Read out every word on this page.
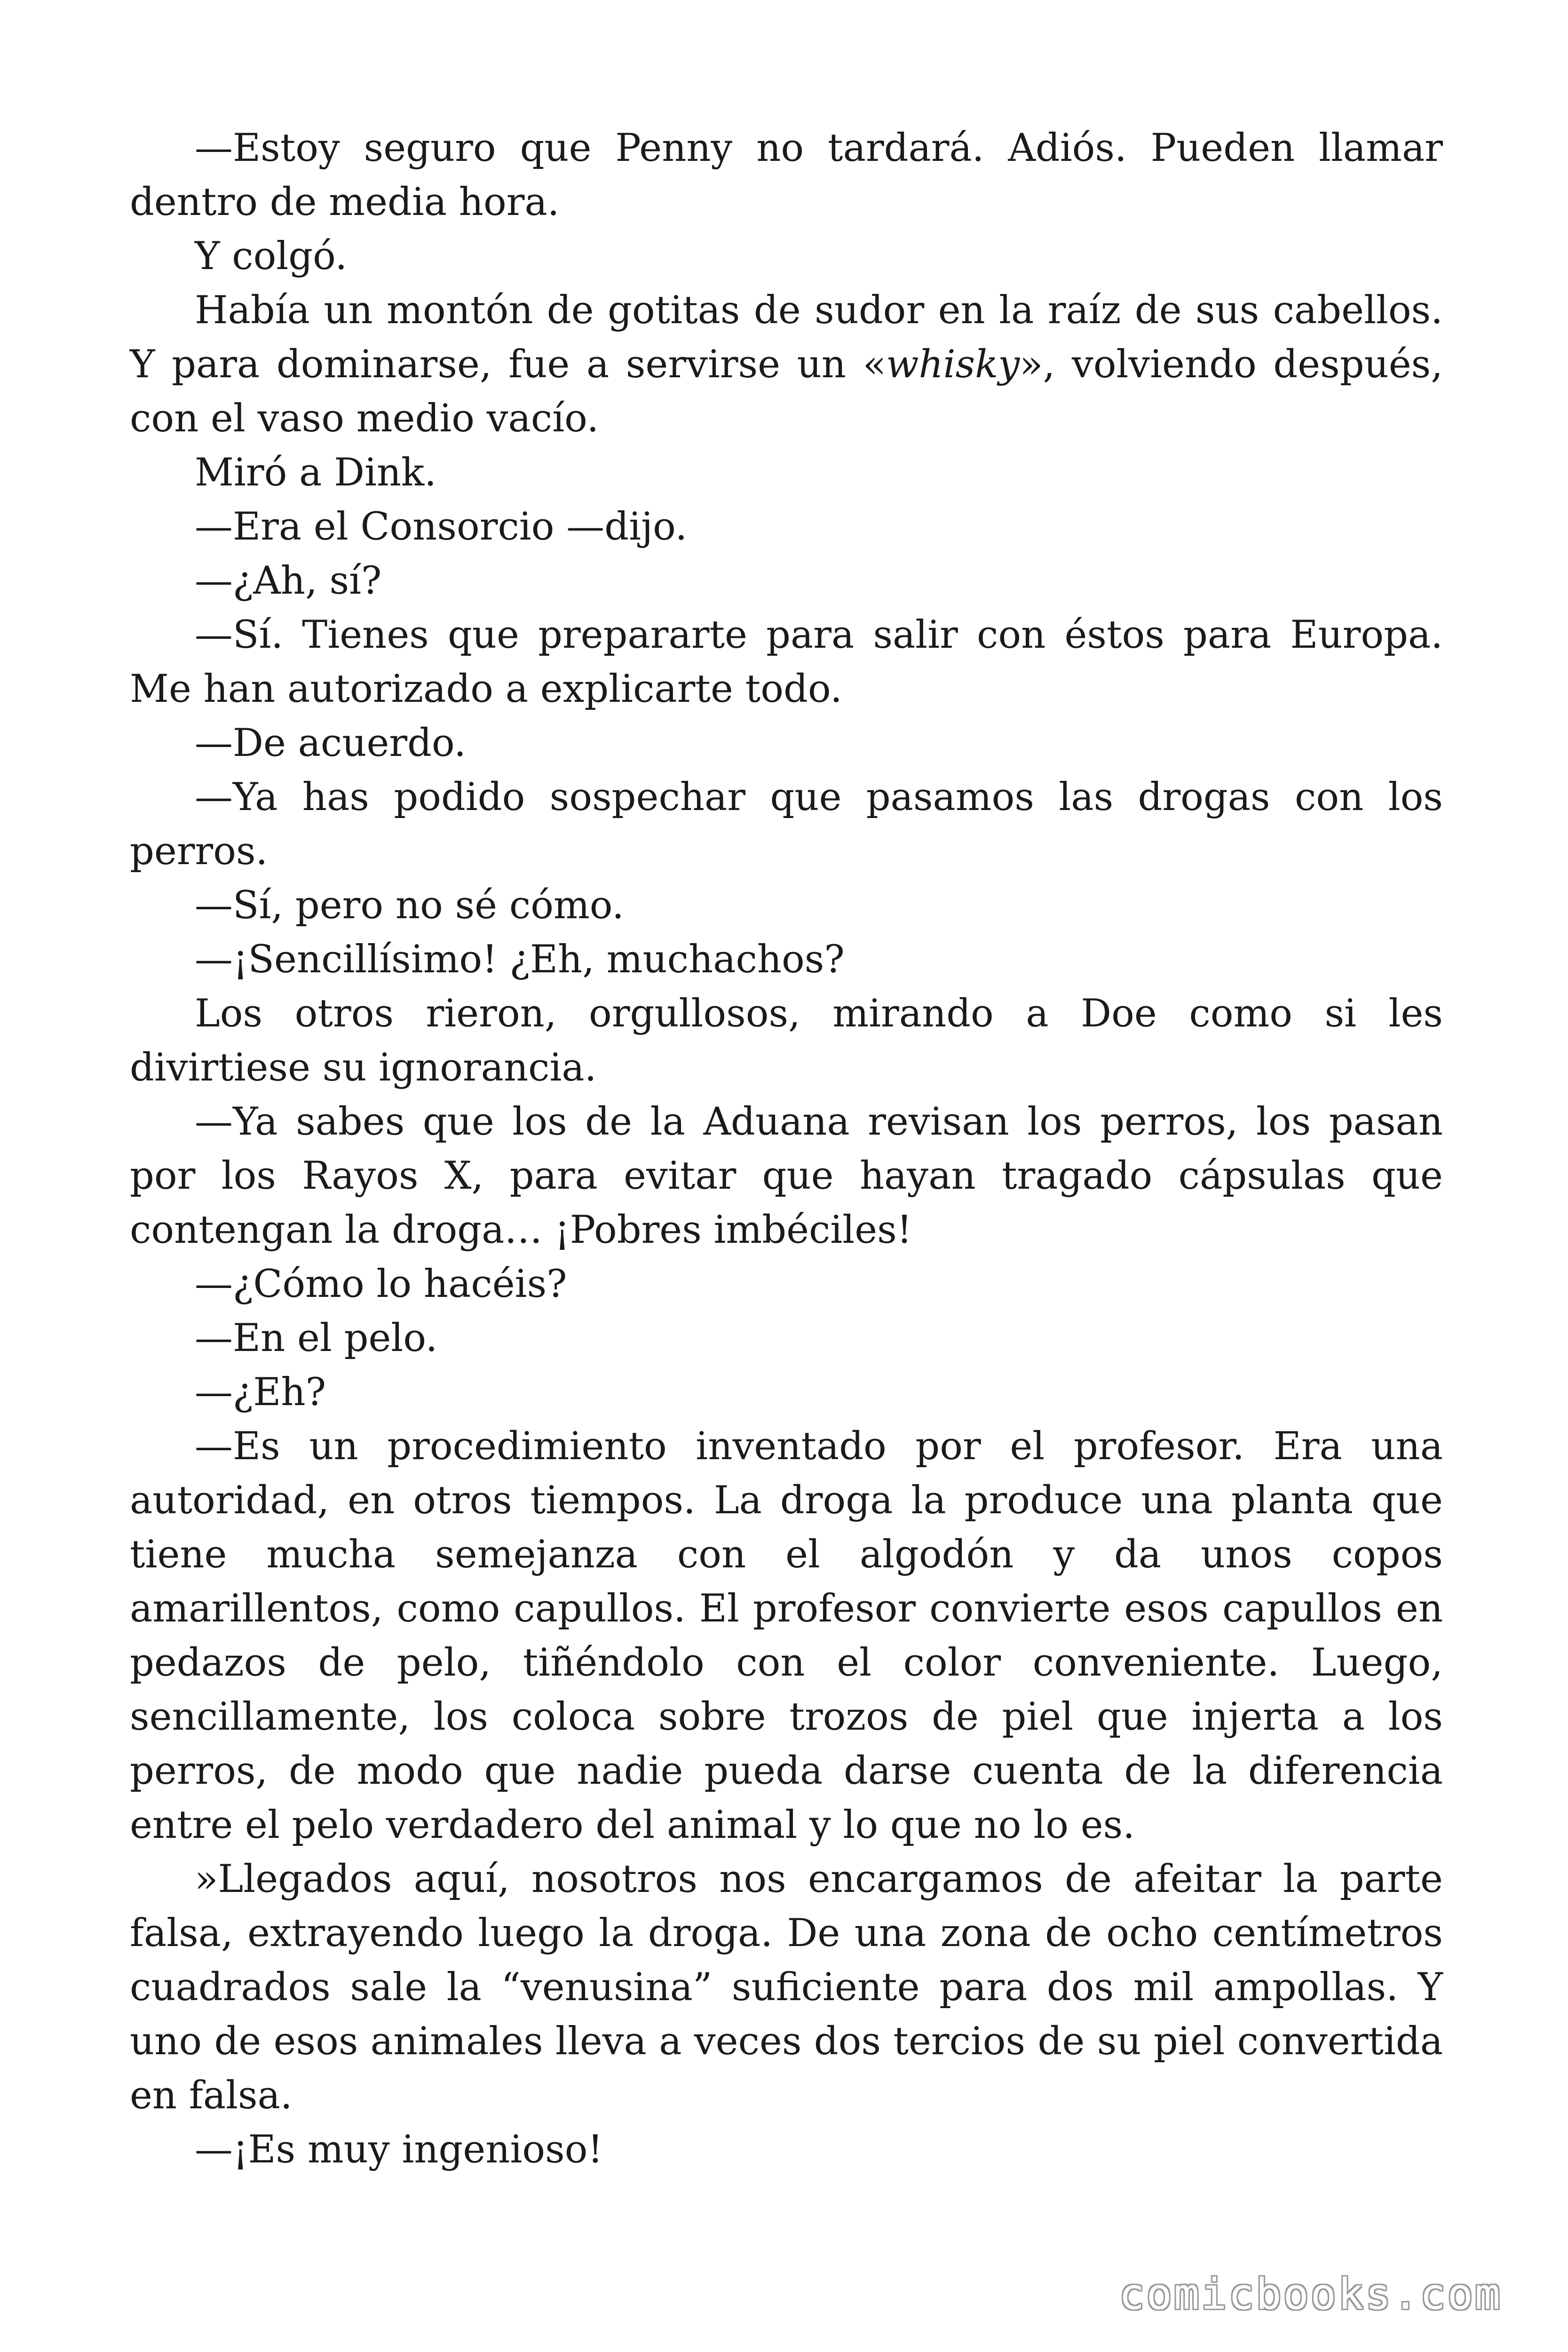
—Estoy seguro que Penny no tardará. Adiós. Pueden llamar dentro de media hora.

Y colgó.

Había un montón de gotitas de sudor en la raíz de sus cabellos. Y para dominarse, fue a servirse un «whisky», volviendo después, con el vaso medio vacío.

Miró a Dink.

—Era el Consorcio —dijo.

—¿Ah, sí?

—Sí. Tienes que prepararte para salir con éstos para Europa. Me han autorizado a explicarte todo.

—De acuerdo.

—Ya has podido sospechar que pasamos las drogas con los perros.

—Sí, pero no sé cómo.

—¡Sencillísimo! ¿Eh, muchachos?

Los otros rieron, orgullosos, mirando a Doe como si les divirtiese su ignorancia.

—Ya sabes que los de la Aduana revisan los perros, los pasan por los Rayos X, para evitar que hayan tragado cápsulas que contengan la droga… ¡Pobres imbéciles!

—¿Cómo lo hacéis?

—En el pelo.

—¿Eh?

—Es un procedimiento inventado por el profesor. Era una autoridad, en otros tiempos. La droga la produce una planta que tiene mucha semejanza con el algodón y da unos copos amarillentos, como capullos. El profesor convierte esos capullos en pedazos de pelo, tiñéndolo con el color conveniente. Luego, sencillamente, los coloca sobre trozos de piel que injerta a los perros, de modo que nadie pueda darse cuenta de la diferencia entre el pelo verdadero del animal y lo que no lo es.

»Llegados aquí, nosotros nos encargamos de afeitar la parte falsa, extrayendo luego la droga. De una zona de ocho centímetros cuadrados sale la “venusina” suficiente para dos mil ampollas. Y uno de esos animales lleva a veces dos tercios de su piel convertida en falsa.

—¡Es muy ingenioso!

comicbooks.com
